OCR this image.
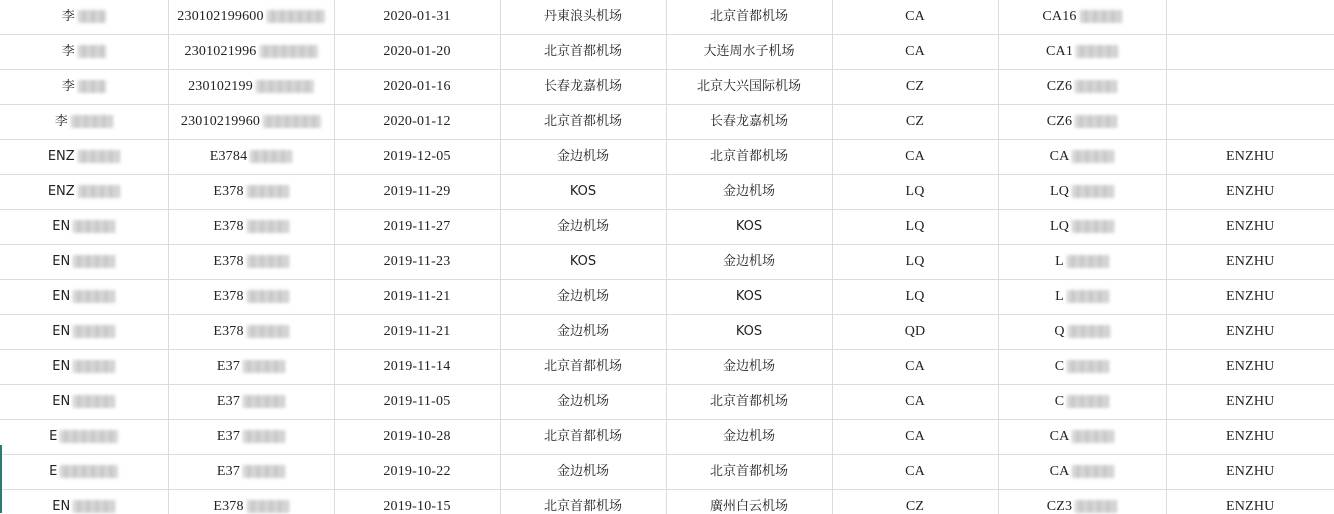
李	230102199600	2020-01-31	丹東浪头机场	北京首都机场	CA	CA16	

李	2301021996	2020-01-20	北京首都机场	大连周水子机场	CA	CA1	

李	230102199	2020-01-16	长春龙嘉机场	北京大兴国际机场	CZ	CZ6	

李	23010219960	2020-01-12	北京首都机场	长春龙嘉机场	CZ	CZ6	

ENZ	E3784	2019-12-05	金边机场	北京首都机场	CA	CA	ENZHU

ENZ	E378	2019-11-29	KOS	金边机场	LQ	LQ	ENZHU

EN	E378	2019-11-27	金边机场	KOS	LQ	LQ	ENZHU

EN	E378	2019-11-23	KOS	金边机场	LQ	L	ENZHU

EN	E378	2019-11-21	金边机场	KOS	LQ	L	ENZHU

EN	E378	2019-11-21	金边机场	KOS	QD	Q	ENZHU

EN	E37	2019-11-14	北京首都机场	金边机场	CA	C	ENZHU

EN	E37	2019-11-05	金边机场	北京首都机场	CA	C	ENZHU

E	E37	2019-10-28	北京首都机场	金边机场	CA	CA	ENZHU

E	E37	2019-10-22	金边机场	北京首都机场	CA	CA	ENZHU

EN	E378	2019-10-15	北京首都机场	廣州白云机场	CZ	CZ3	ENZHU
